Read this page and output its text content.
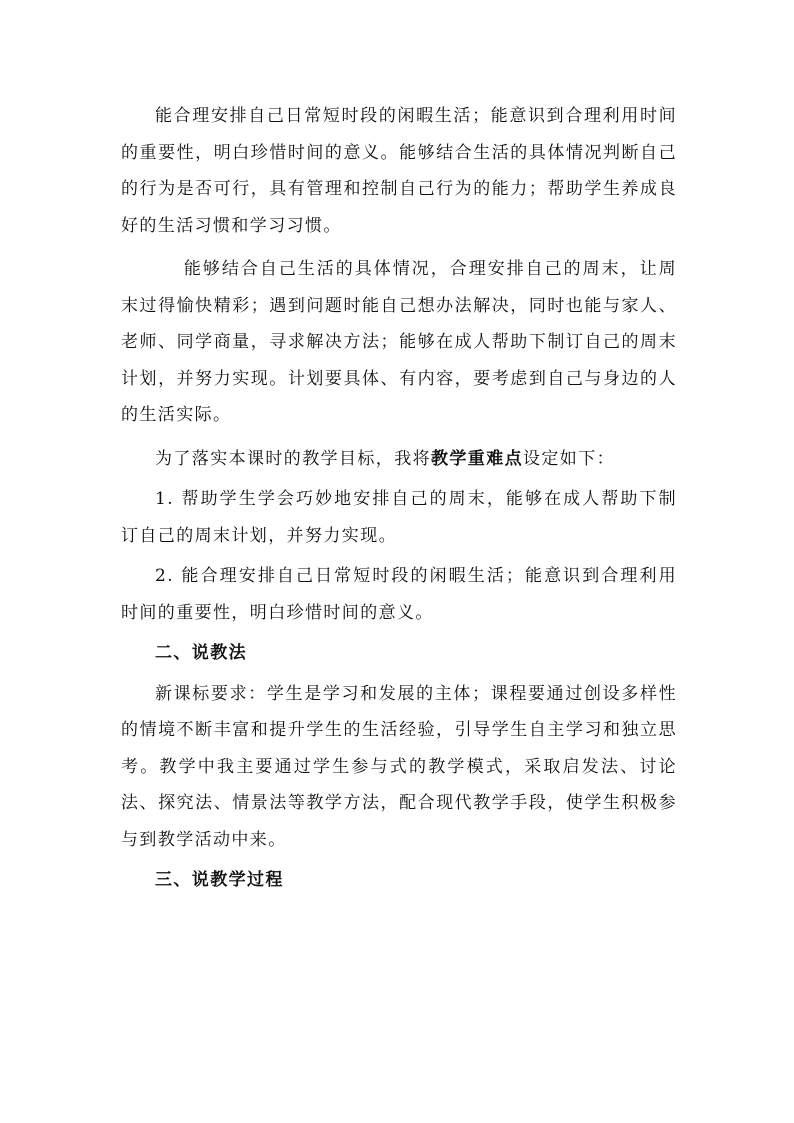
能合理安排自己日常短时段的闲暇生活；能意识到合理利用时间的重要性，明白珍惜时间的意义。能够结合生活的具体情况判断自己的行为是否可行，具有管理和控制自己行为的能力；帮助学生养成良好的生活习惯和学习习惯。

能够结合自己生活的具体情况，合理安排自己的周末，让周末过得愉快精彩；遇到问题时能自己想办法解决，同时也能与家人、老师、同学商量，寻求解决方法；能够在成人帮助下制订自己的周末计划，并努力实现。计划要具体、有内容，要考虑到自己与身边的人的生活实际。

为了落实本课时的教学目标，我将教学重难点设定如下：

1. 帮助学生学会巧妙地安排自己的周末，能够在成人帮助下制订自己的周末计划，并努力实现。

2. 能合理安排自己日常短时段的闲暇生活；能意识到合理利用时间的重要性，明白珍惜时间的意义。

二、说教法

新课标要求：学生是学习和发展的主体；课程要通过创设多样性的情境不断丰富和提升学生的生活经验，引导学生自主学习和独立思考。教学中我主要通过学生参与式的教学模式，采取启发法、讨论法、探究法、情景法等教学方法，配合现代教学手段，使学生积极参与到教学活动中来。

三、说教学过程
